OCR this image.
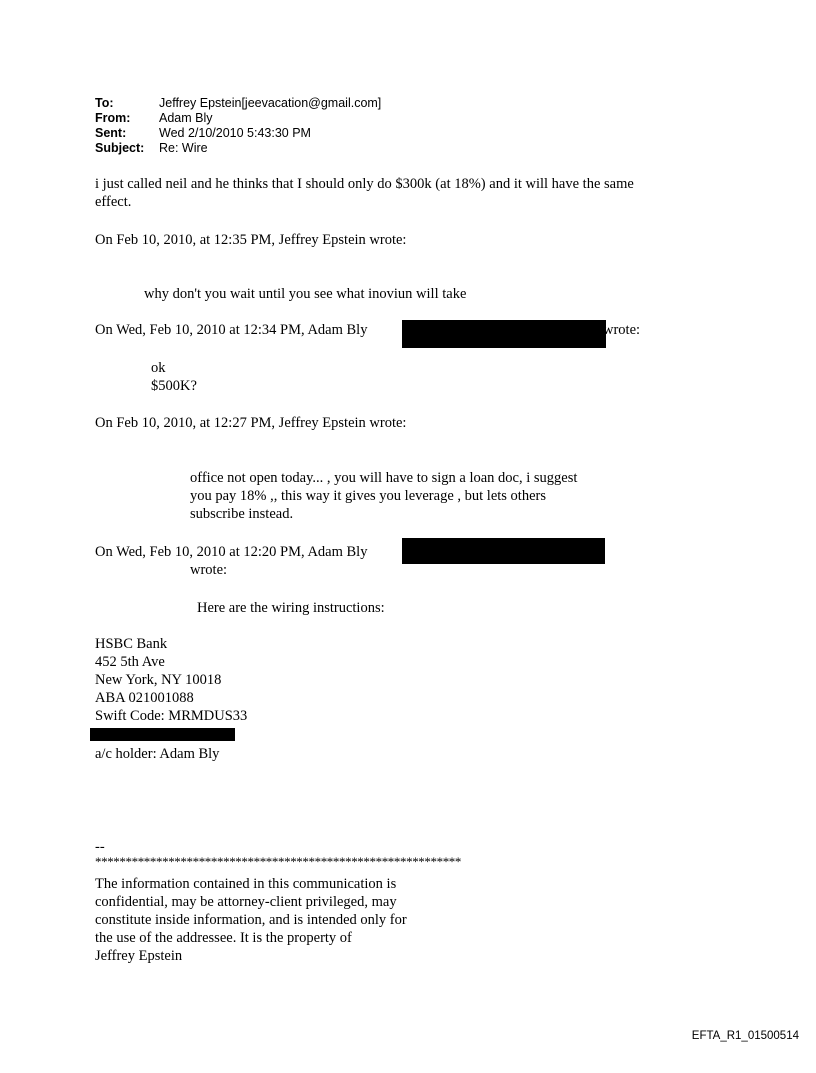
To:	Jeffrey Epstein[jeevacation@gmail.com]
From: Adam Bly
Sent:	Wed 2/10/2010 5:43:30 PM
Subject: Re: Wire
i just called neil and he thinks that I should only do $300k (at 18%) and it will have the same
effect.
On Feb 10, 2010, at 12:35 PM, Jeffrey Epstein wrote:
why don't you wait until you see what inoviun will take
On Wed, Feb 10, 2010 at 12:34 PM, Adam Bly	wrote:
ok
$500K?
On Feb 10, 2010, at 12:27 PM, Jeffrey Epstein wrote:
office not open today... , you will have to sign a loan doc, i suggest
you pay 18% ,, this way it gives you leverage , but lets others
subscribe instead.
On Wed, Feb 10, 2010 at 12:20 PM, Adam Bly
wrote:
Here are the wiring instructions:
HSBC Bank
452 5th Ave
New York, NY 10018
ABA 021001088
Swift Code: MRMDUS33
a/c holder: Adam Bly
--
************************************************************
The information contained in this communication is
confidential, may be attorney-client privileged, may
constitute inside information, and is intended only for
the use of the addressee. It is the property of
Jeffrey Epstein
EFTA_R1_01500514
